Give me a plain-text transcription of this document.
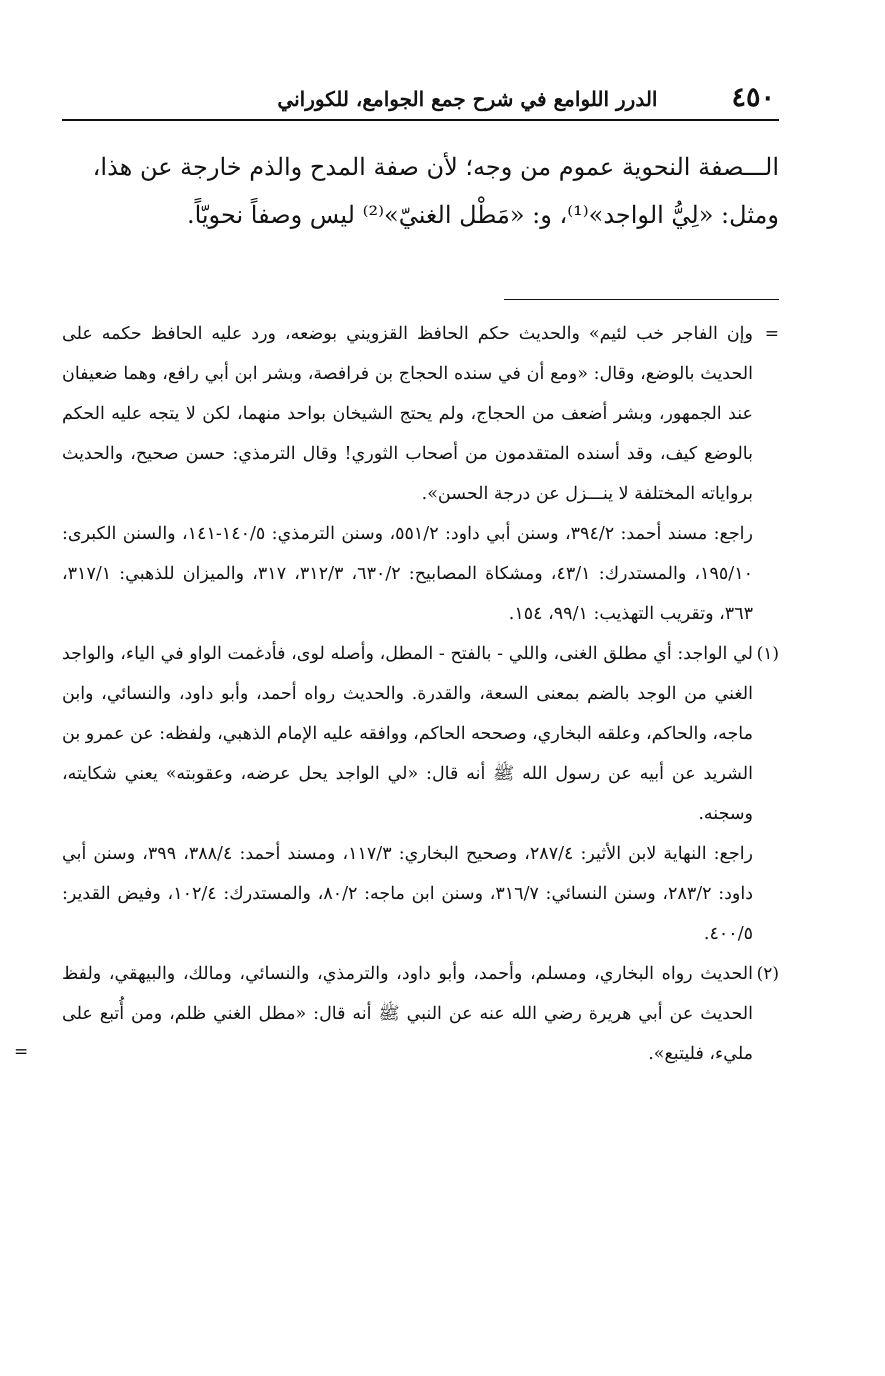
٤٥٠
الدرر اللوامع في شرح جمع الجوامع، للكوراني

الـــصفة النحوية عموم من وجه؛ لأن صفة المدح والذم خارجة عن هذا،

ومثل: «لِيُّ الواجد»⁽¹⁾، و: «مَطْل الغنيّ»⁽²⁾ ليس وصفاً نحويّاً.

=

وإن الفاجر خب لئيم» والحديث حكم الحافظ القزويني بوضعه، ورد عليه الحافظ حكمه على الحديث بالوضع، وقال: «ومع أن في سنده الحجاج بن فرافصة، وبشر ابن أبي رافع، وهما ضعيفان عند الجمهور، وبشر أضعف من الحجاج، ولم يحتج الشيخان بواحد منهما، لكن لا يتجه عليه الحكم بالوضع كيف، وقد أسنده المتقدمون من أصحاب الثوري! وقال الترمذي: حسن صحيح، والحديث برواياته المختلفة لا ينـــزل عن درجة الحسن».

راجع: مسند أحمد: ٣٩٤/٢، وسنن أبي داود: ٥٥١/٢، وسنن الترمذي: ١٤٠/٥-١٤١، والسنن الكبرى: ١٩٥/١٠، والمستدرك: ٤٣/١، ومشكاة المصابيح: ٦٣٠/٢، ٣١٢/٣، ٣١٧، والميزان للذهبي: ٣١٧/١، ٣٦٣، وتقريب التهذيب: ٩٩/١، ١٥٤.

(١)

لي الواجد: أي مطلق الغنى، واللي - بالفتح - المطل، وأصله لوى، فأدغمت الواو في الياء، والواجد الغني من الوجد بالضم بمعنى السعة، والقدرة. والحديث رواه أحمد، وأبو داود، والنسائي، وابن ماجه، والحاكم، وعلقه البخاري، وصححه الحاكم، ووافقه عليه الإمام الذهبي، ولفظه: عن عمرو بن الشريد عن أبيه عن رسول الله ﷺ أنه قال: «لي الواجد يحل عرضه، وعقوبته» يعني شكايته، وسجنه.

راجع: النهاية لابن الأثير: ٢٨٧/٤، وصحيح البخاري: ١١٧/٣، ومسند أحمد: ٣٨٨/٤، ٣٩٩، وسنن أبي داود: ٢٨٣/٢، وسنن النسائي: ٣١٦/٧، وسنن ابن ماجه: ٨٠/٢، والمستدرك: ١٠٢/٤، وفيض القدير: ٤٠٠/٥.

(٢)

الحديث رواه البخاري، ومسلم، وأحمد، وأبو داود، والترمذي، والنسائي، ومالك، والبيهقي، ولفظ الحديث عن أبي هريرة رضي الله عنه عن النبي ﷺ أنه قال: «مطل الغني ظلم، ومن أُتبع على مليء، فليتبع».

=
